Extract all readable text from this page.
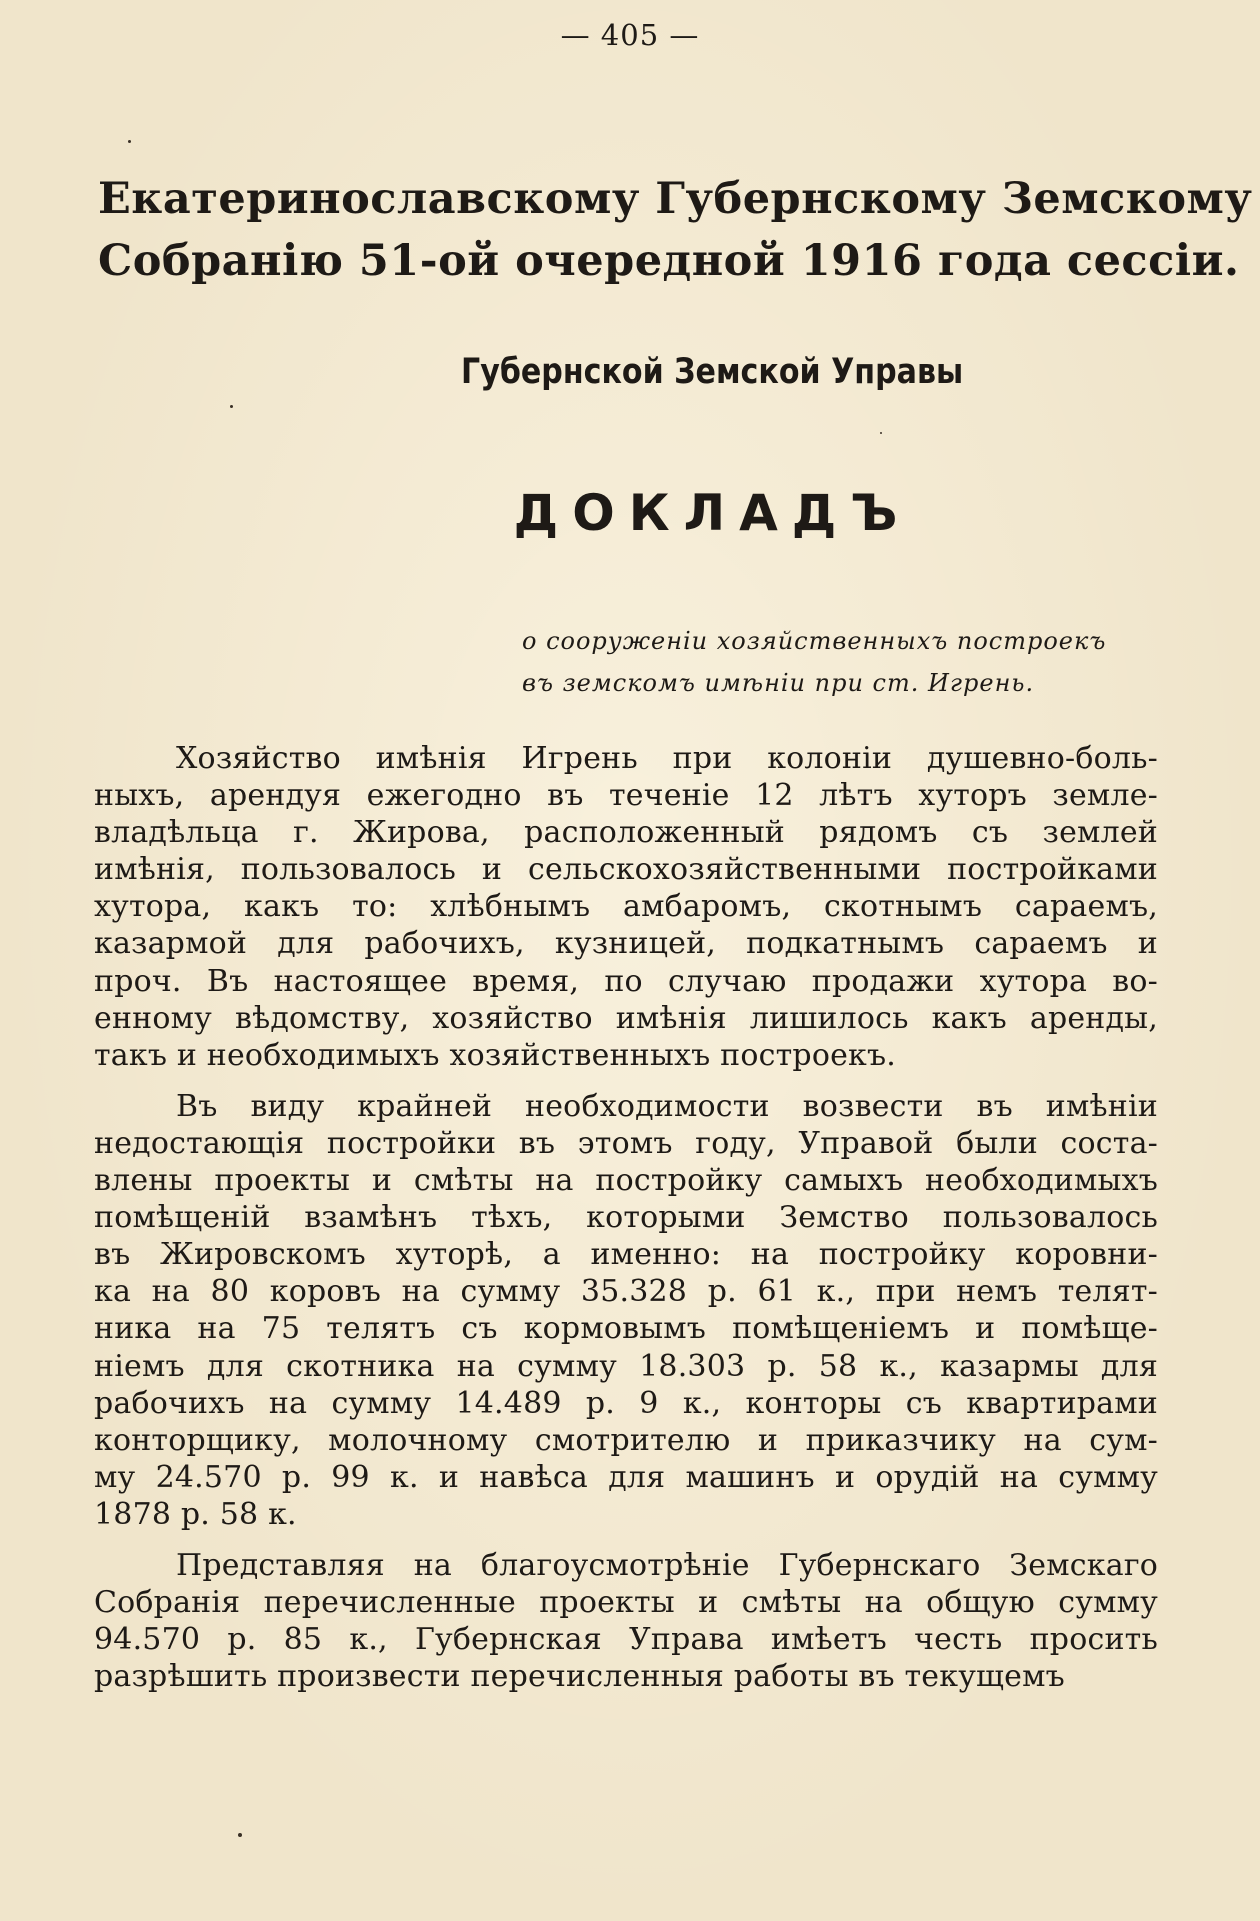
— 405 —
Екатеринославскому Губернскому Земскому
Собранію 51-ой очередной 1916 года сессіи.
Губернской Земской Управы
ДОКЛАДЪ
о сооруженіи хозяйственныхъ построекъ
въ земскомъ имѣніи при ст. Игрень.
Хозяйство имѣнія Игрень при колоніи душевно-боль-
ныхъ, арендуя ежегодно въ теченіе 12 лѣтъ хуторъ земле-
владѣльца г. Жирова, расположенный рядомъ съ землей
имѣнія, пользовалось и сельскохозяйственными постройками
хутора, какъ то: хлѣбнымъ амбаромъ, скотнымъ сараемъ,
казармой для рабочихъ, кузницей, подкатнымъ сараемъ и
проч. Въ настоящее время, по случаю продажи хутора во-
енному вѣдомству, хозяйство имѣнія лишилось какъ аренды,
такъ и необходимыхъ хозяйственныхъ построекъ.
Въ виду крайней необходимости возвести въ имѣніи
недостающія постройки въ этомъ году, Управой были соста-
влены проекты и смѣты на постройку самыхъ необходимыхъ
помѣщеній взамѣнъ тѣхъ, которыми Земство пользовалось
въ Жировскомъ хуторѣ, а именно: на постройку коровни-
ка на 80 коровъ на сумму 35.328 р. 61 к., при немъ телят-
ника на 75 телятъ съ кормовымъ помѣщеніемъ и помѣще-
ніемъ для скотника на сумму 18.303 р. 58 к., казармы для
рабочихъ на сумму 14.489 р. 9 к., конторы съ квартирами
конторщику, молочному смотрителю и приказчику на сум-
му 24.570 р. 99 к. и навѣса для машинъ и орудій на сумму
1878 р. 58 к.
Представляя на благоусмотрѣніе Губернскаго Земскаго
Собранія перечисленные проекты и смѣты на общую сумму
94.570 р. 85 к., Губернская Управа имѣетъ честь просить
разрѣшить произвести перечисленныя работы въ текущемъ
